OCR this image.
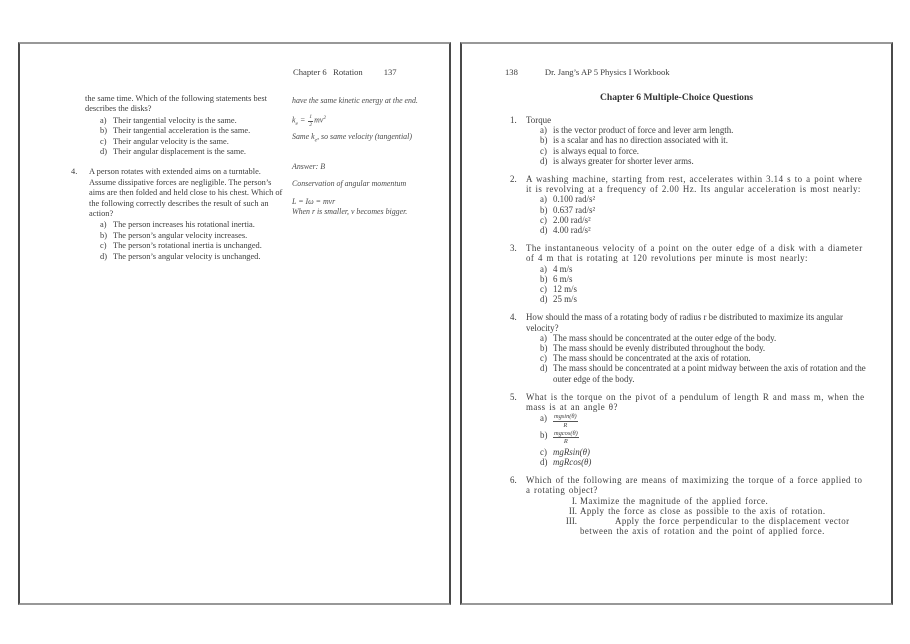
Chapter 6   Rotation 137
the same time. Which of the following statements best describes the disks?
a) Their tangential velocity is the same.
b) Their tangential acceleration is the same.
c) Their angular velocity is the same.
d) Their angular displacement is the same.
4.	A person rotates with extended aims on a turntable. Assume dissipative forces are negligible. The person’s aims are then folded and held close to his chest. Which of the following correctly describes the result of such an action?
a) The person increases his rotational inertia.
b) The person’s angular velocity increases.
c) The person’s rotational inertia is unchanged.
d) The person’s angular velocity is unchanged.
have the same kinetic energy at the end.
$k_e = \frac{1}{2} mv^2$
Same $k_e$, so same velocity (tangential)
Answer: B
Conservation of angular momentum
L = Iω = mvr
When r is smaller, v becomes bigger.
138	Dr. Jang’s AP 5 Physics I Workbook
Chapter 6 Multiple-Choice Questions
1.	Torque
a) is the vector product of force and lever arm length.
b) is a scalar and has no direction associated with it.
c) is always equal to force.
d) is always greater for shorter lever arms.
2.	A washing machine, starting from rest, accelerates within 3.14 s to a point where it is revolving at a frequency of 2.00 Hz. Its angular acceleration is most nearly:
a) 0.100 rad/s²
b) 0.637 rad/s²
c) 2.00 rad/s²
d) 4.00 rad/s²
3.	The instantaneous velocity of a point on the outer edge of a disk with a diameter of 4 m that is rotating at 120 revolutions per minute is most nearly:
a) 4 m/s
b) 6 m/s
c) 12 m/s
d) 25 m/s
4.	How should the mass of a rotating body of radius r be distributed to maximize its angular velocity?
a) The mass should be concentrated at the outer edge of the body.
b) The mass should be evenly distributed throughout the body.
c) The mass should be concentrated at the axis of rotation.
d) The mass should be concentrated at a point midway between the axis of rotation and the outer edge of the body.
5.	What is the torque on the pivot of a pendulum of length R and mass m, when the mass is at an angle θ?
$a) \frac{mgsin(\theta)}{R}$
$b) \frac{mgcos(\theta)}{R}$
c) mgRsin(θ)
d) mgRcos(θ)
6.	Which of the following are means of maximizing the torque of a force applied to a rotating object?
I. Maximize the magnitude of the applied force.
II. Apply the force as close as possible to the axis of rotation.
III.	Apply the force perpendicular to the displacement vector between the axis of rotation and the point of applied force.
